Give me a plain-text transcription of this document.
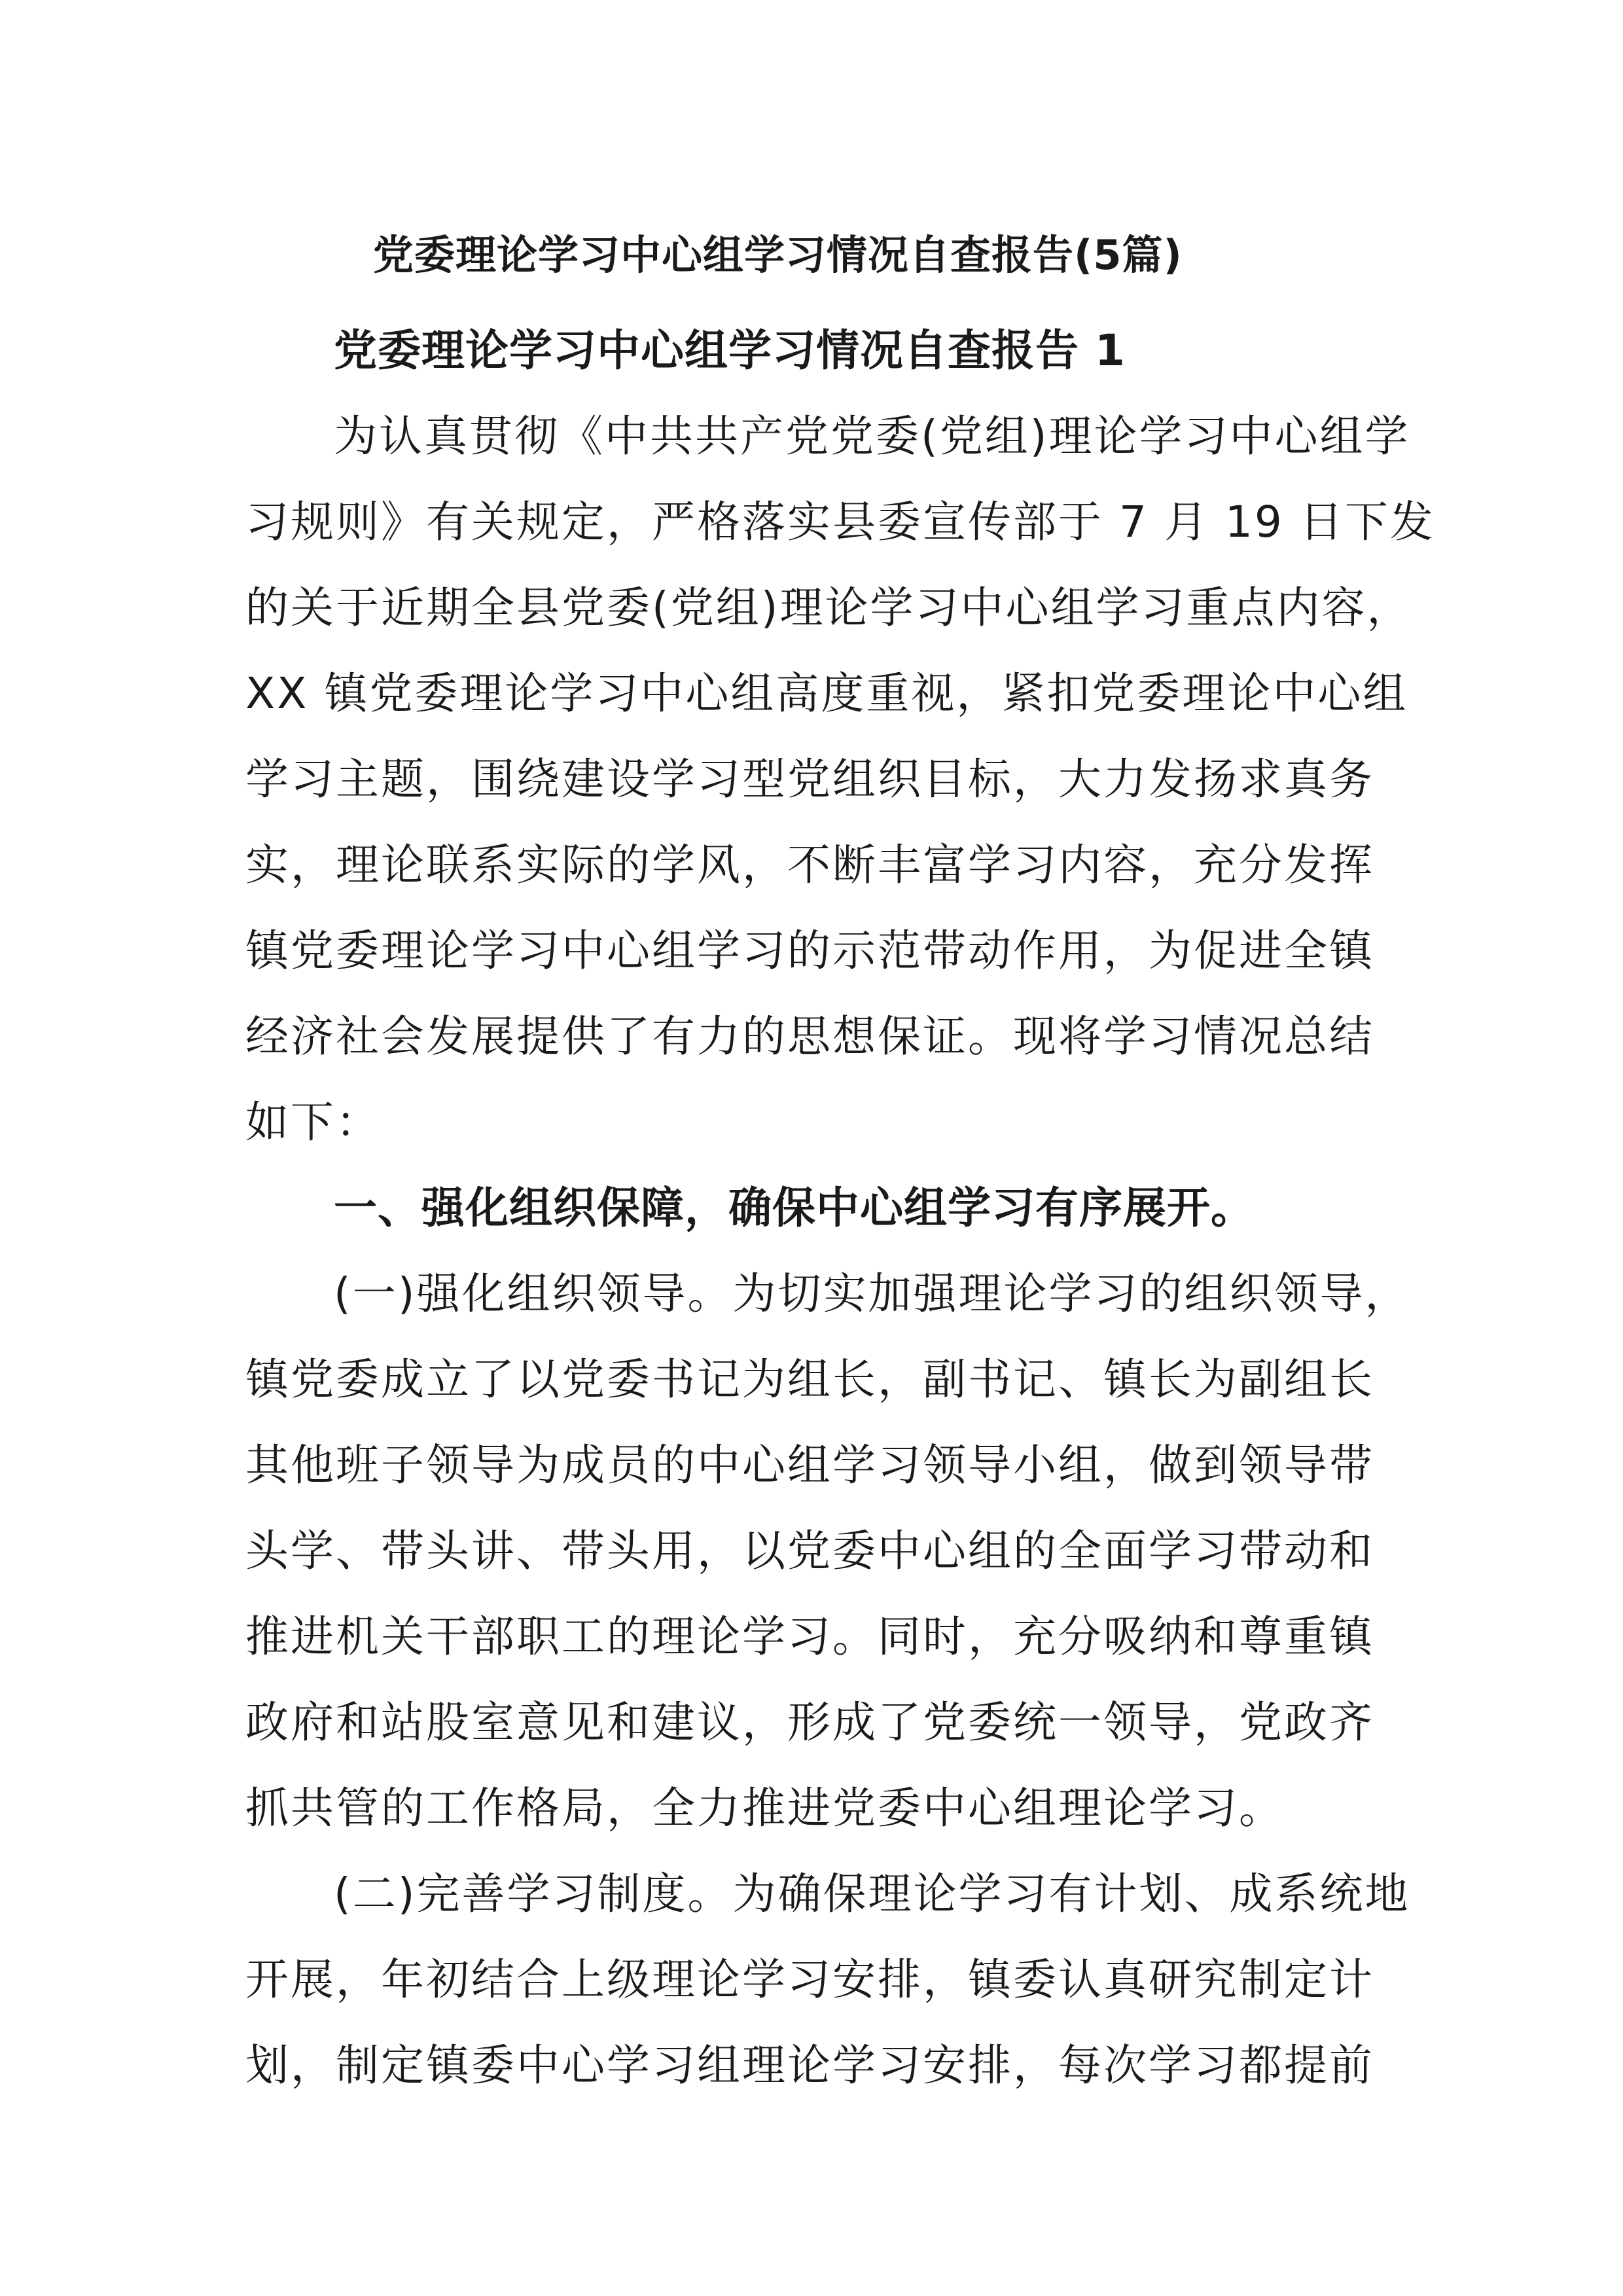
党委理论学习中心组学习情况自查报告(5篇)
党委理论学习中心组学习情况自查报告 1
为认真贯彻《中共共产党党委(党组)理论学习中心组学
习规则》有关规定，严格落实县委宣传部于 7 月 19 日下发
的关于近期全县党委(党组)理论学习中心组学习重点内容，
XX 镇党委理论学习中心组高度重视，紧扣党委理论中心组
学习主题，围绕建设学习型党组织目标，大力发扬求真务
实，理论联系实际的学风，不断丰富学习内容，充分发挥
镇党委理论学习中心组学习的示范带动作用，为促进全镇
经济社会发展提供了有力的思想保证。现将学习情况总结
如下：
一、强化组织保障，确保中心组学习有序展开。
(一)强化组织领导。为切实加强理论学习的组织领导，
镇党委成立了以党委书记为组长，副书记、镇长为副组长
其他班子领导为成员的中心组学习领导小组，做到领导带
头学、带头讲、带头用，以党委中心组的全面学习带动和
推进机关干部职工的理论学习。同时，充分吸纳和尊重镇
政府和站股室意见和建议，形成了党委统一领导，党政齐
抓共管的工作格局，全力推进党委中心组理论学习。
(二)完善学习制度。为确保理论学习有计划、成系统地
开展，年初结合上级理论学习安排，镇委认真研究制定计
划，制定镇委中心学习组理论学习安排，每次学习都提前
